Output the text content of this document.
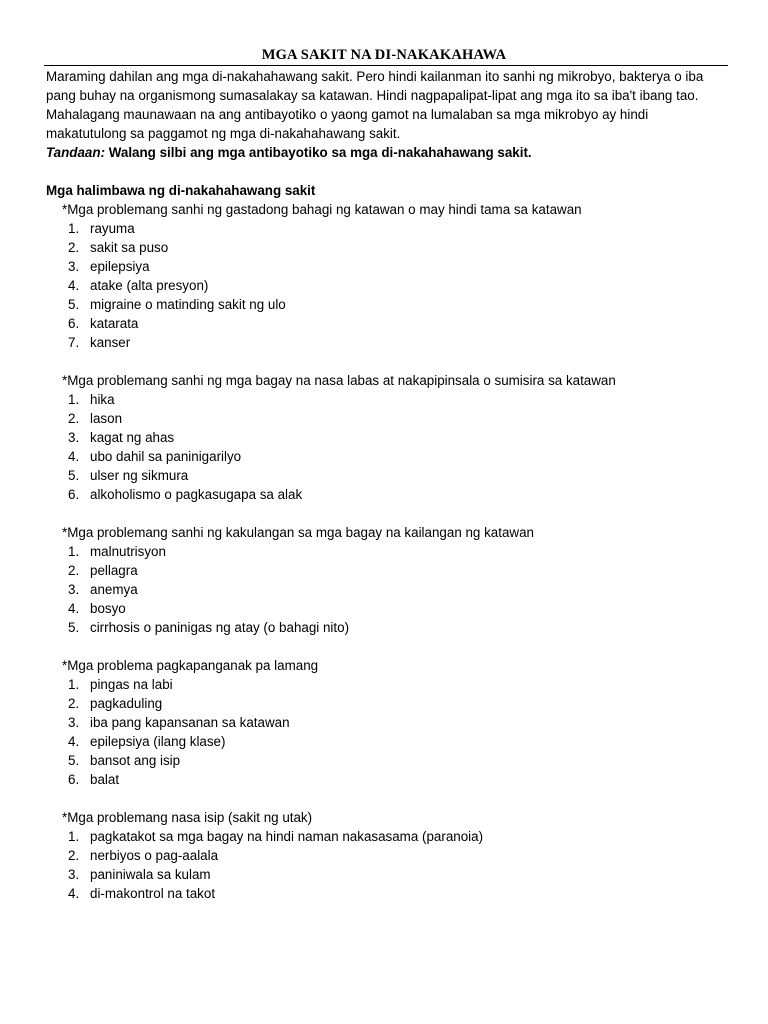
MGA SAKIT NA DI-NAKAKAHAWA

Maraming dahilan ang mga di-nakahahawang sakit. Pero hindi kailanman ito sanhi ng mikrobyo, bakterya o iba

pang buhay na organismong sumasalakay sa katawan. Hindi nagpapalipat-lipat ang mga ito sa iba't ibang tao.

Mahalagang maunawaan na ang antibayotiko o yaong gamot na lumalaban sa mga mikrobyo ay hindi

makatutulong sa paggamot ng mga di-nakahahawang sakit.

Tandaan: Walang silbi ang mga antibayotiko sa mga di-nakahahawang sakit.

Mga halimbawa ng di-nakahahawang sakit

*Mga problemang sanhi ng gastadong bahagi ng katawan o may hindi tama sa katawan

1. rayuma
2. sakit sa puso
3. epilepsiya
4. atake (alta presyon)
5. migraine o matinding sakit ng ulo
6. katarata
7. kanser

*Mga problemang sanhi ng mga bagay na nasa labas at nakapipinsala o sumisira sa katawan

1. hika
2. lason
3. kagat ng ahas
4. ubo dahil sa paninigarilyo
5. ulser ng sikmura
6. alkoholismo o pagkasugapa sa alak

*Mga problemang sanhi ng kakulangan sa mga bagay na kailangan ng katawan

1. malnutrisyon
2. pellagra
3. anemya
4. bosyo
5. cirrhosis o paninigas ng atay (o bahagi nito)

*Mga problema pagkapanganak pa lamang

1. pingas na labi
2. pagkaduling
3. iba pang kapansanan sa katawan
4. epilepsiya (ilang klase)
5. bansot ang isip
6. balat

*Mga problemang nasa isip (sakit ng utak)

1. pagkatakot sa mga bagay na hindi naman nakasasama (paranoia)
2. nerbiyos o pag-aalala
3. paniniwala sa kulam
4. di-makontrol na takot
